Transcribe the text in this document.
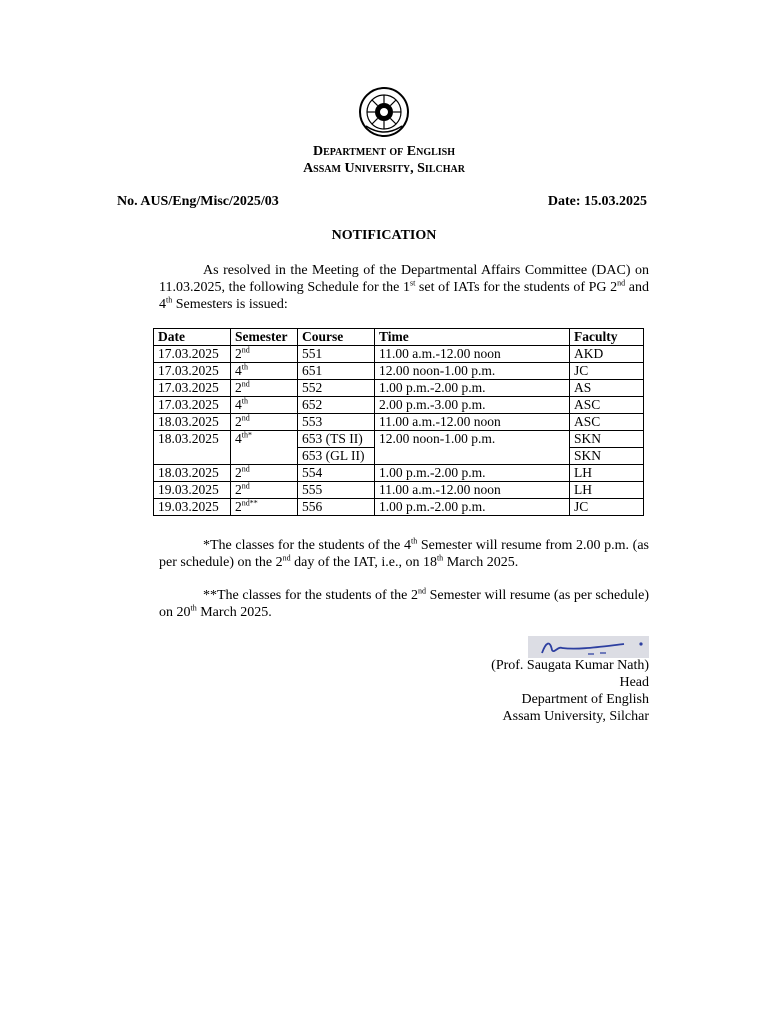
Department of English
Assam University, Silchar
No. AUS/Eng/Misc/2025/03	Date: 15.03.2025
NOTIFICATION

As resolved in the Meeting of the Departmental Affairs Committee (DAC) on 11.03.2025, the following Schedule for the 1st set of IATs for the students of PG 2nd and 4th Semesters is issued:

Date	Semester	Course	Time	Faculty
17.03.2025	2nd	551	11.00 a.m.-12.00 noon	AKD
17.03.2025	4th	651	12.00 noon-1.00 p.m.	JC
17.03.2025	2nd	552	1.00 p.m.-2.00 p.m.	AS
17.03.2025	4th	652	2.00 p.m.-3.00 p.m.	ASC
18.03.2025	2nd	553	11.00 a.m.-12.00 noon	ASC
18.03.2025	$4^{th*}$	653 (TS II)	12.00 noon-1.00 p.m.	SKN
		653 (GL II)		SKN
18.03.2025	2nd	554	1.00 p.m.-2.00 p.m.	LH
19.03.2025	2nd	555	11.00 a.m.-12.00 noon	LH
19.03.2025	$2^{nd**}$	556	1.00 p.m.-2.00 p.m.	JC

*The classes for the students of the 4th Semester will resume from 2.00 p.m. (as per schedule) on the 2nd day of the IAT, i.e., on 18th March 2025.

**The classes for the students of the 2nd Semester will resume (as per schedule) on 20th March 2025.

(Prof. Saugata Kumar Nath)
Head
Department of English
Assam University, Silchar
